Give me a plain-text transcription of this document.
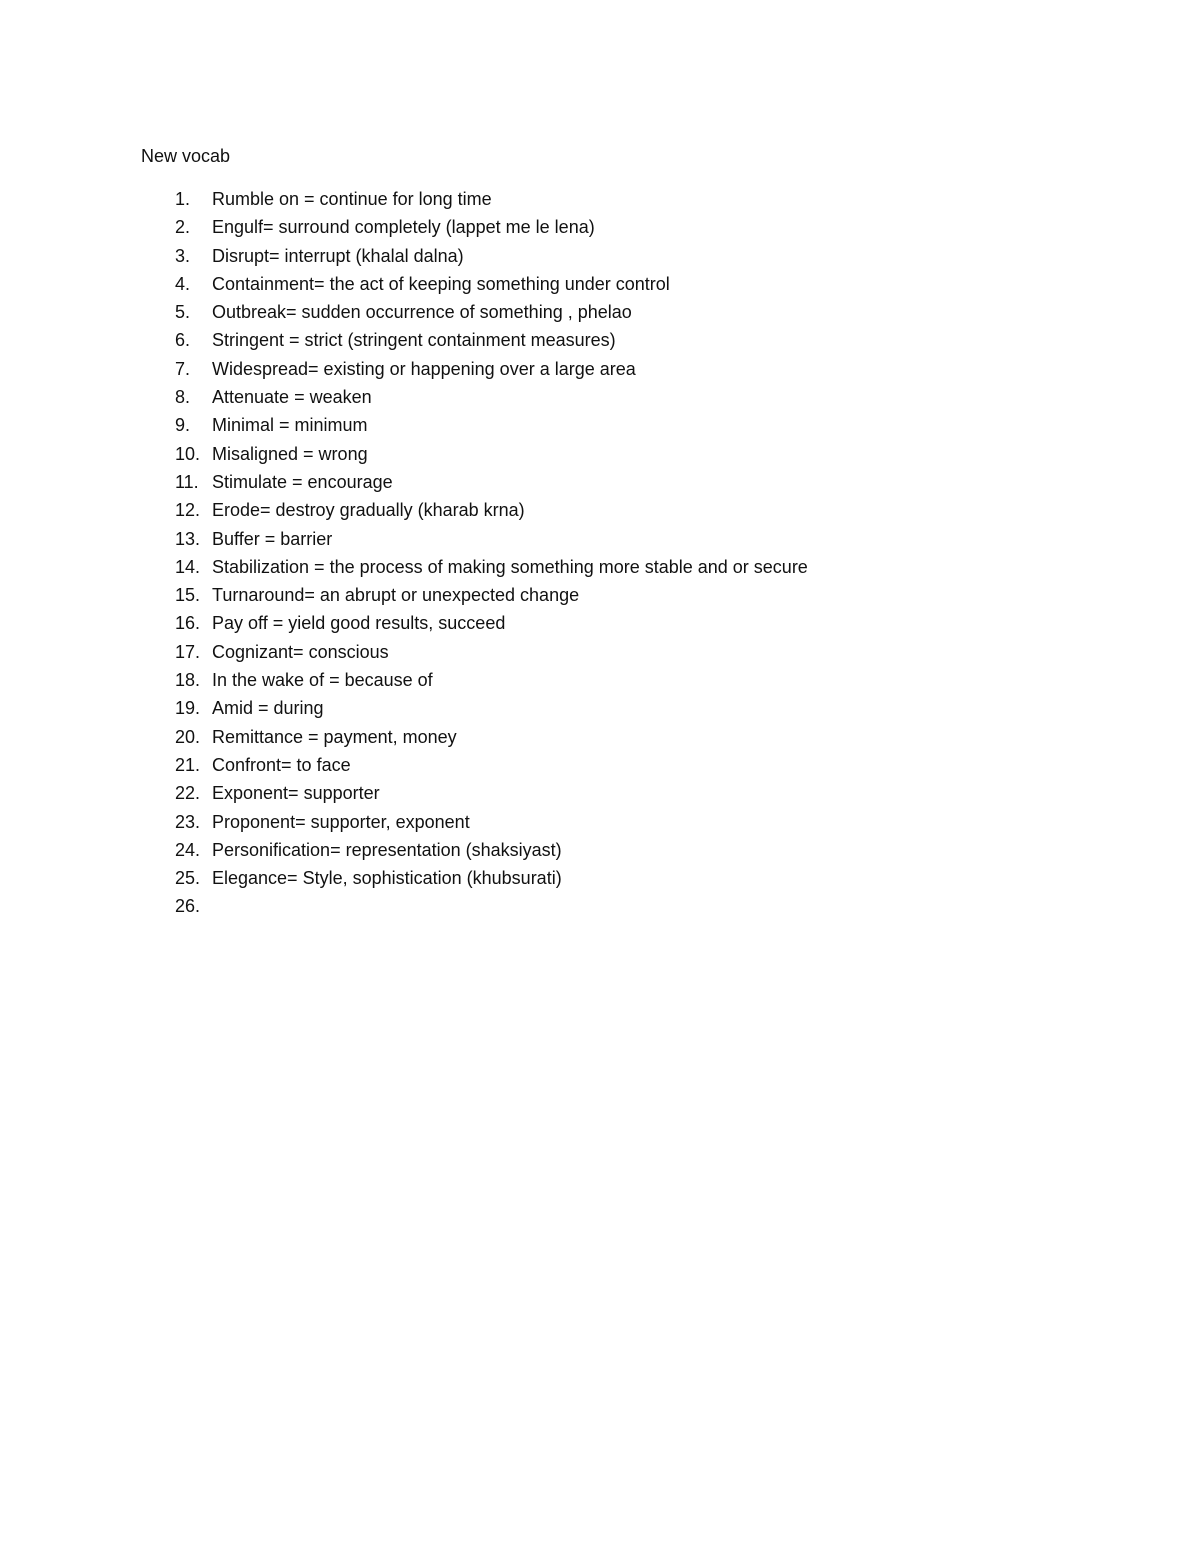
New vocab
1. Rumble on = continue for long time
2. Engulf= surround completely (lappet me le lena)
3. Disrupt= interrupt (khalal dalna)
4. Containment= the act of keeping something under control
5. Outbreak= sudden occurrence of something , phelao
6. Stringent = strict (stringent containment measures)
7. Widespread= existing or happening over a large area
8. Attenuate = weaken
9. Minimal = minimum
10. Misaligned = wrong
11. Stimulate = encourage
12. Erode= destroy gradually (kharab krna)
13. Buffer = barrier
14. Stabilization = the process of making something more stable and or secure
15. Turnaround= an abrupt or unexpected change
16. Pay off = yield good results, succeed
17. Cognizant= conscious
18. In the wake of = because of
19. Amid = during
20. Remittance = payment, money
21. Confront= to face
22. Exponent= supporter
23. Proponent= supporter, exponent
24. Personification= representation (shaksiyast)
25. Elegance= Style, sophistication (khubsurati)
26.
